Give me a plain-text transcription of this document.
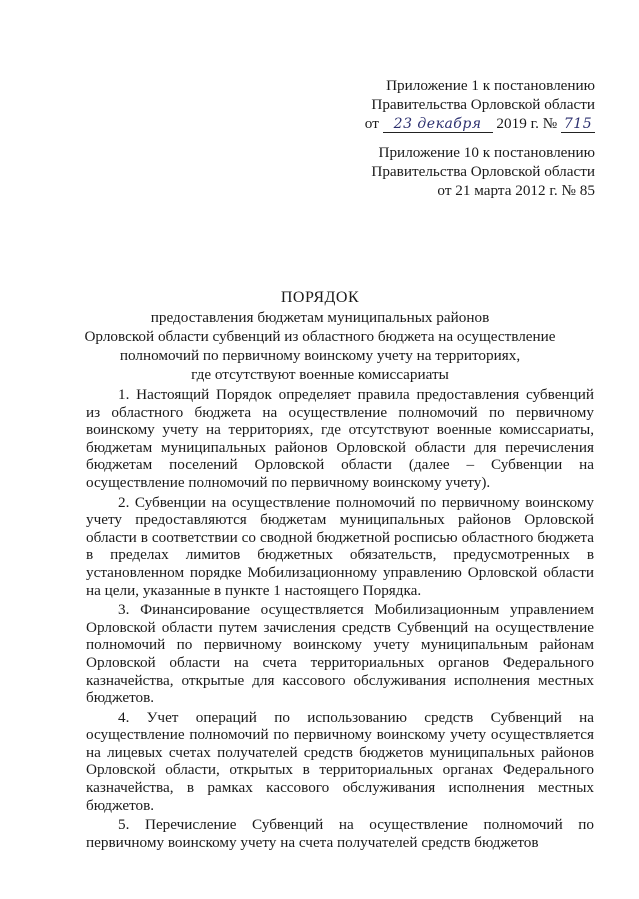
Приложение 1 к постановлению
Правительства Орловской области
от 23 декабря 2019 г. № 715
Приложение 10 к постановлению
Правительства Орловской области
от 21 марта 2012 г. № 85
ПОРЯДОК
предоставления бюджетам муниципальных районов
Орловской области субвенций из областного бюджета на осуществление
полномочий по первичному воинскому учету на территориях,
где отсутствуют военные комиссариаты

1. Настоящий Порядок определяет правила предоставления субвенций из областного бюджета на осуществление полномочий по первичному воинскому учету на территориях, где отсутствуют военные комиссариаты, бюджетам муниципальных районов Орловской области для перечисления бюджетам поселений Орловской области (далее – Субвенции на осуществление полномочий по первичному воинскому учету).

2. Субвенции на осуществление полномочий по первичному воинскому учету предоставляются бюджетам муниципальных районов Орловской области в соответствии со сводной бюджетной росписью областного бюджета в пределах лимитов бюджетных обязательств, предусмотренных в установленном порядке Мобилизационному управлению Орловской области на цели, указанные в пункте 1 настоящего Порядка.

3. Финансирование осуществляется Мобилизационным управлением Орловской области путем зачисления средств Субвенций на осуществление полномочий по первичному воинскому учету муниципальным районам Орловской области на счета территориальных органов Федерального казначейства, открытые для кассового обслуживания исполнения местных бюджетов.

4. Учет операций по использованию средств Субвенций на осуществление полномочий по первичному воинскому учету осуществляется на лицевых счетах получателей средств бюджетов муниципальных районов Орловской области, открытых в территориальных органах Федерального казначейства, в рамках кассового обслуживания исполнения местных бюджетов.

5. Перечисление Субвенций на осуществление полномочий по первичному воинскому учету на счета получателей средств бюджетов
